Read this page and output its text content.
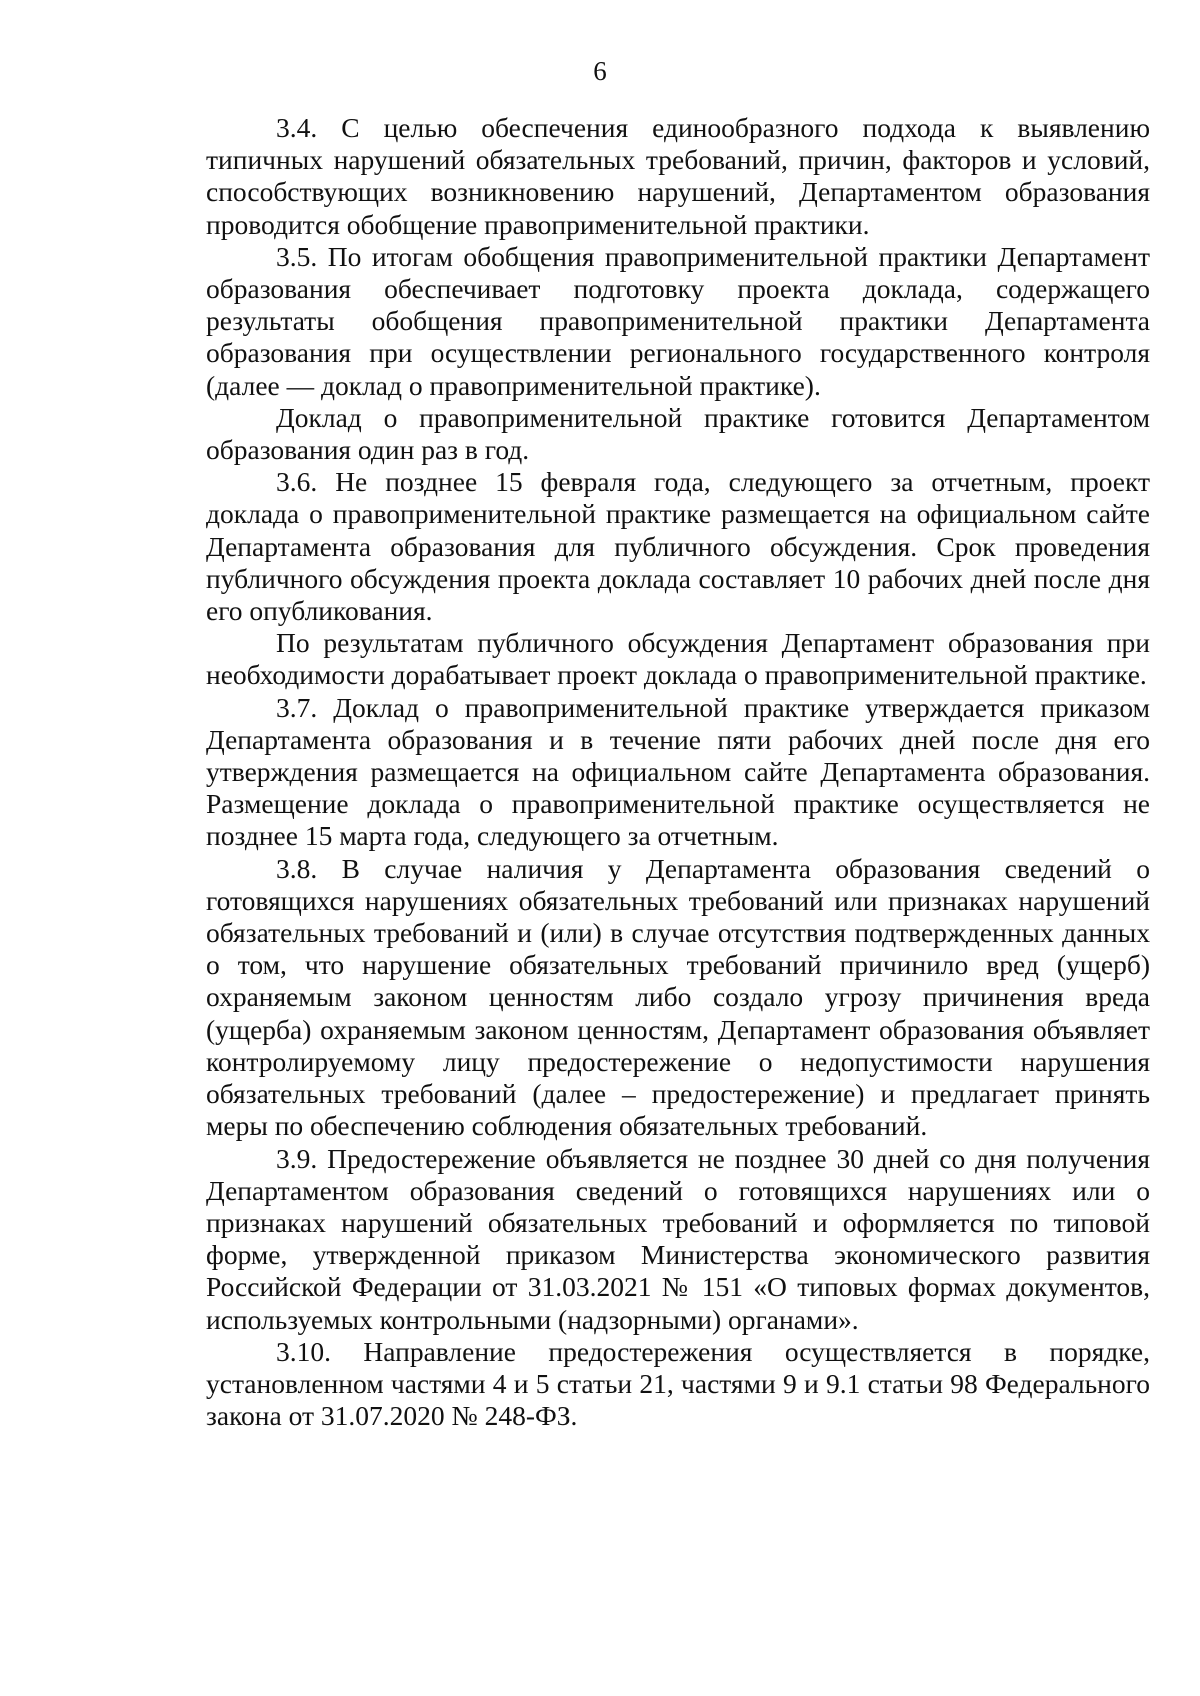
6

3.4. С целью обеспечения единообразного подхода к выявлению типичных нарушений обязательных требований, причин, факторов и условий, способствующих возникновению нарушений, Департаментом образования проводится обобщение правоприменительной практики.

3.5. По итогам обобщения правоприменительной практики Департамент образования обеспечивает подготовку проекта доклада, содержащего результаты обобщения правоприменительной практики Департамента образования при осуществлении регионального государственного контроля (далее — доклад о правоприменительной практике).

Доклад о правоприменительной практике готовится Департаментом образования один раз в год.

3.6. Не позднее 15 февраля года, следующего за отчетным, проект доклада о правоприменительной практике размещается на официальном сайте Департамента образования для публичного обсуждения. Срок проведения публичного обсуждения проекта доклада составляет 10 рабочих дней после дня его опубликования.

По результатам публичного обсуждения Департамент образования при необходимости дорабатывает проект доклада о правоприменительной практике.

3.7. Доклад о правоприменительной практике утверждается приказом Департамента образования и в течение пяти рабочих дней после дня его утверждения размещается на официальном сайте Департамента образования. Размещение доклада о правоприменительной практике осуществляется не позднее 15 марта года, следующего за отчетным.

3.8. В случае наличия у Департамента образования сведений о готовящихся нарушениях обязательных требований или признаках нарушений обязательных требований и (или) в случае отсутствия подтвержденных данных о том, что нарушение обязательных требований причинило вред (ущерб) охраняемым законом ценностям либо создало угрозу причинения вреда (ущерба) охраняемым законом ценностям, Департамент образования объявляет контролируемому лицу предостережение о недопустимости нарушения обязательных требований (далее – предостережение) и предлагает принять меры по обеспечению соблюдения обязательных требований.

3.9. Предостережение объявляется не позднее 30 дней со дня получения Департаментом образования сведений о готовящихся нарушениях или о признаках нарушений обязательных требований и оформляется по типовой форме, утвержденной приказом Министерства экономического развития Российской Федерации от 31.03.2021 № 151 «О типовых формах документов, используемых контрольными (надзорными) органами».

3.10. Направление предостережения осуществляется в порядке, установленном частями 4 и 5 статьи 21, частями 9 и 9.1 статьи 98 Федерального закона от 31.07.2020 № 248-ФЗ.
